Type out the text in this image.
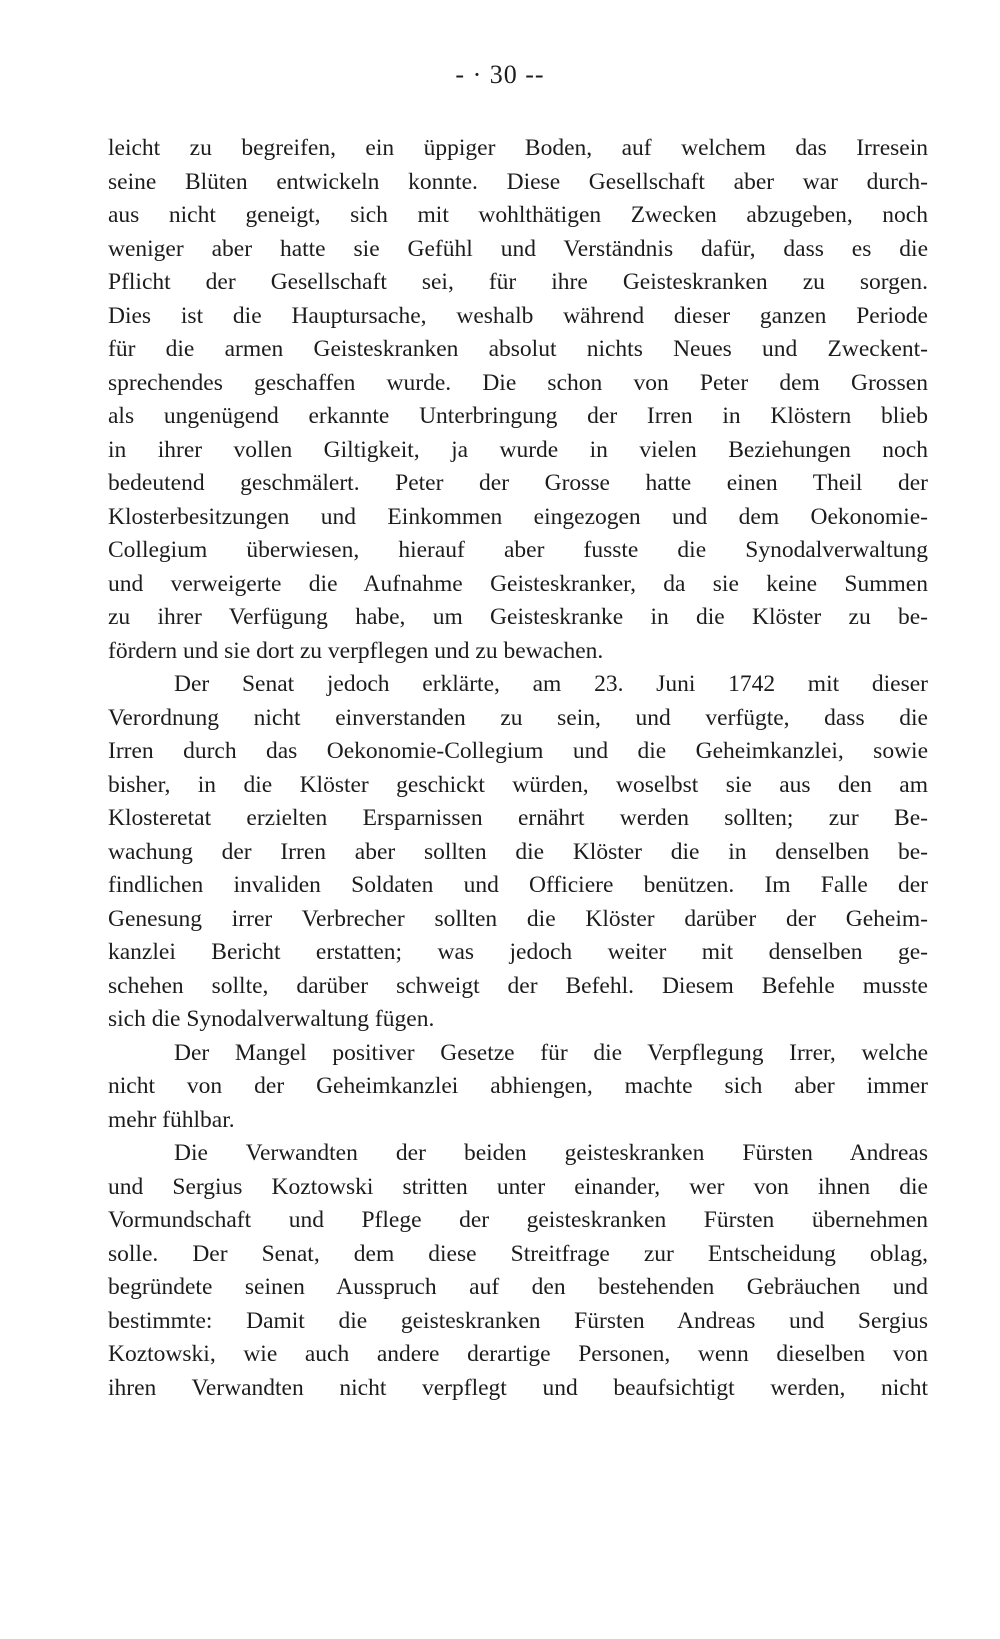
- · 30 --
leicht zu begreifen, ein üppiger Boden, auf welchem das Irresein
seine Blüten entwickeln konnte. Diese Gesellschaft aber war durch-
aus nicht geneigt, sich mit wohlthätigen Zwecken abzugeben, noch
weniger aber hatte sie Gefühl und Verständnis dafür, dass es die
Pflicht der Gesellschaft sei, für ihre Geisteskranken zu sorgen.
Dies ist die Hauptursache, weshalb während dieser ganzen Periode
für die armen Geisteskranken absolut nichts Neues und Zweckent-
sprechendes geschaffen wurde. Die schon von Peter dem Grossen
als ungenügend erkannte Unterbringung der Irren in Klöstern blieb
in ihrer vollen Giltigkeit, ja wurde in vielen Beziehungen noch
bedeutend geschmälert. Peter der Grosse hatte einen Theil der
Klosterbesitzungen und Einkommen eingezogen und dem Oekonomie-
Collegium überwiesen, hierauf aber fusste die Synodalverwaltung
und verweigerte die Aufnahme Geisteskranker, da sie keine Summen
zu ihrer Verfügung habe, um Geisteskranke in die Klöster zu be-
fördern und sie dort zu verpflegen und zu bewachen.
Der Senat jedoch erklärte, am 23. Juni 1742 mit dieser
Verordnung nicht einverstanden zu sein, und verfügte, dass die
Irren durch das Oekonomie-Collegium und die Geheimkanzlei, sowie
bisher, in die Klöster geschickt würden, woselbst sie aus den am
Klosteretat erzielten Ersparnissen ernährt werden sollten; zur Be-
wachung der Irren aber sollten die Klöster die in denselben be-
findlichen invaliden Soldaten und Officiere benützen. Im Falle der
Genesung irrer Verbrecher sollten die Klöster darüber der Geheim-
kanzlei Bericht erstatten; was jedoch weiter mit denselben ge-
schehen sollte, darüber schweigt der Befehl. Diesem Befehle musste
sich die Synodalverwaltung fügen.
Der Mangel positiver Gesetze für die Verpflegung Irrer, welche
nicht von der Geheimkanzlei abhiengen, machte sich aber immer
mehr fühlbar.
Die Verwandten der beiden geisteskranken Fürsten Andreas
und Sergius Koztowski stritten unter einander, wer von ihnen die
Vormundschaft und Pflege der geisteskranken Fürsten übernehmen
solle. Der Senat, dem diese Streitfrage zur Entscheidung oblag,
begründete seinen Ausspruch auf den bestehenden Gebräuchen und
bestimmte: Damit die geisteskranken Fürsten Andreas und Sergius
Koztowski, wie auch andere derartige Personen, wenn dieselben von
ihren Verwandten nicht verpflegt und beaufsichtigt werden, nicht
